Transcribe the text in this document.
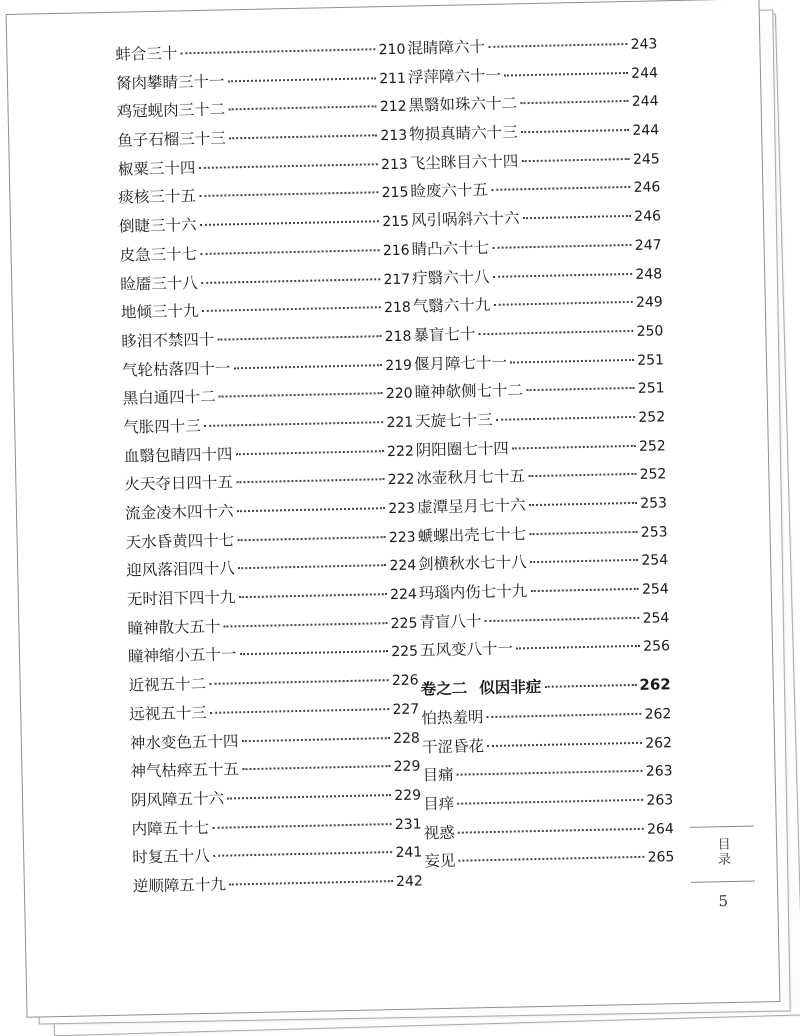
蚌合三十	210
胬肉攀睛三十一	211
鸡冠蚬肉三十二	212
鱼子石榴三十三	213
椒粟三十四	213
痰核三十五	215
倒睫三十六	215
皮急三十七	216
睑靥三十八	217
地倾三十九	218
眵泪不禁四十	218
气轮枯落四十一	219
黑白通四十二	220
气胀四十三	221
血翳包睛四十四	222
火天夺日四十五	222
流金凌木四十六	223
天水昏黄四十七	223
迎风落泪四十八	224
无时泪下四十九	224
瞳神散大五十	225
瞳神缩小五十一	225
近视五十二	226
远视五十三	227
神水变色五十四	228
神气枯瘁五十五	229
阴风障五十六	229
内障五十七	231
时复五十八	241
逆顺障五十九	242
混睛障六十	243
浮萍障六十一	244
黑翳如珠六十二	244
物损真睛六十三	244
飞尘眯目六十四	245
睑废六十五	246
风引㖞斜六十六	246
睛凸六十七	247
疔翳六十八	248
气翳六十九	249
暴盲七十	250
偃月障七十一	251
瞳神欹侧七十二	251
天旋七十三	252
阴阳圈七十四	252
冰壶秋月七十五	252
虚潭呈月七十六	253
螔螺出壳七十七	253
剑横秋水七十八	254
玛瑙内伤七十九	254
青盲八十	254
五风变八十一	256
卷之二 似因非症	262
怕热羞明	262
干涩昏花	262
目痛	263
目痒	263
视惑	264
妄见	265	目录
5
